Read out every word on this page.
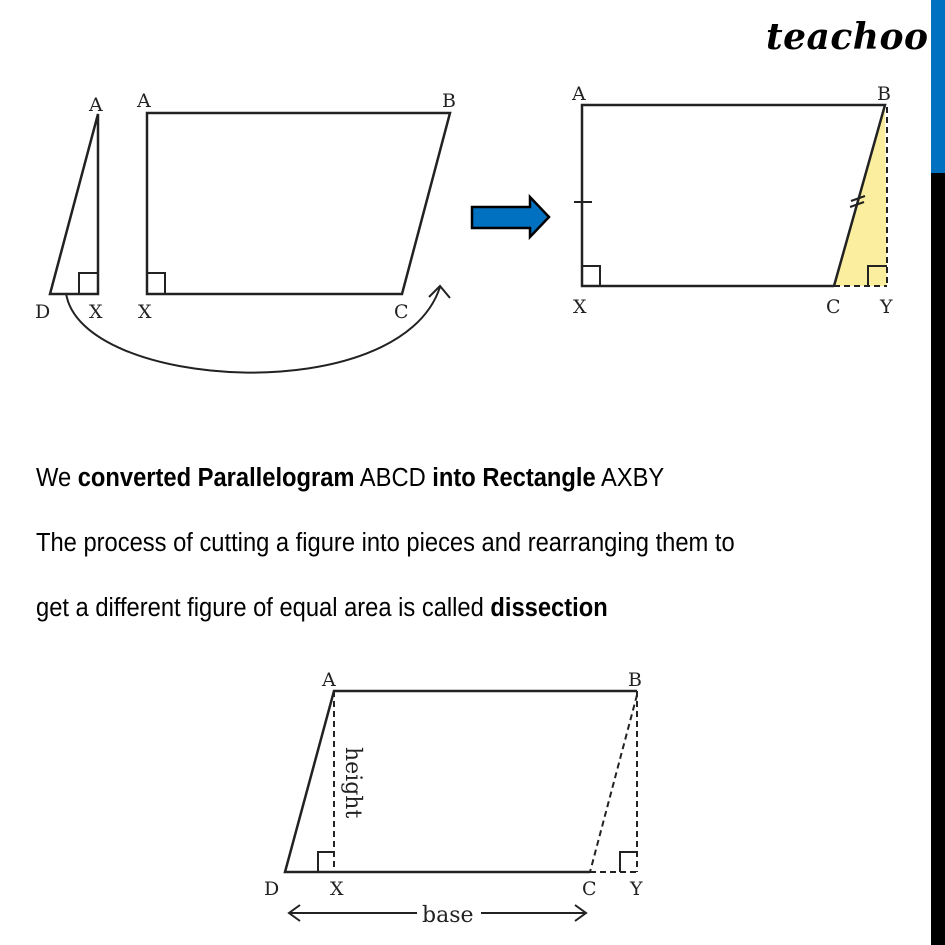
teachoo
A
D X
A	B
X	C
A	B
X	C Y
A	B
D	X	C Y
base
height
We converted Parallelogram ABCD into Rectangle AXBY
The process of cutting a figure into pieces and rearranging them to
get a different figure of equal area is called dissection
